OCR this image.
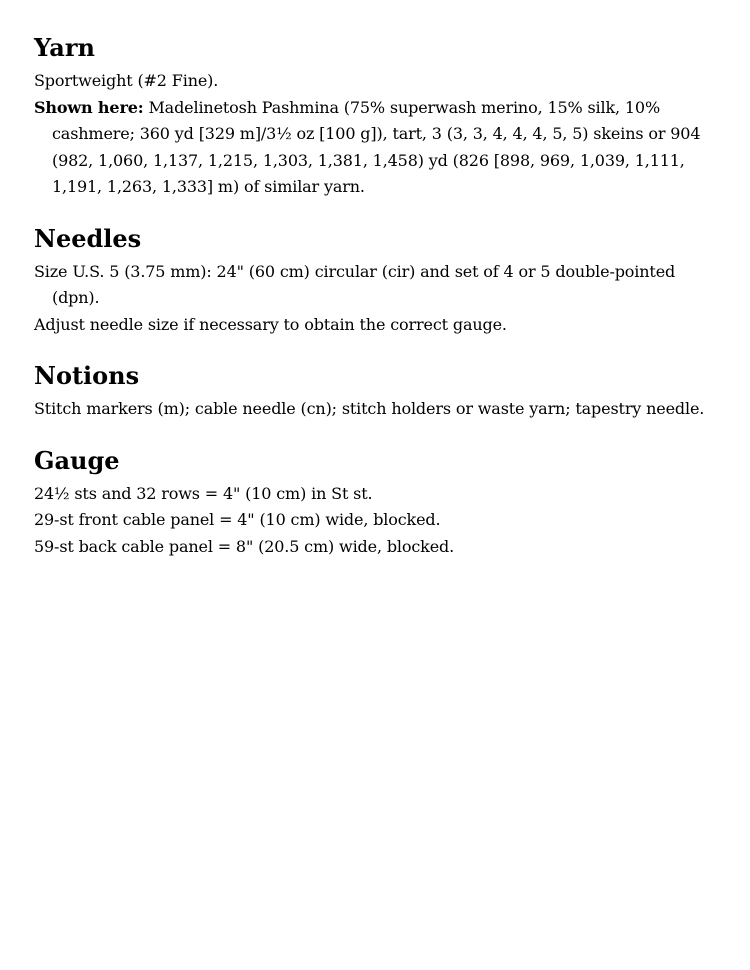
Yarn

Sportweight (#2 Fine).

Shown here: Madelinetosh Pashmina (75% superwash merino, 15% silk, 10% cashmere; 360 yd [329 m]/3½ oz [100 g]), tart, 3 (3, 3, 4, 4, 4, 5, 5) skeins or 904 (982, 1,060, 1,137, 1,215, 1,303, 1,381, 1,458) yd (826 [898, 969, 1,039, 1,111, 1,191, 1,263, 1,333] m) of similar yarn.

Needles

Size U.S. 5 (3.75 mm): 24" (60 cm) circular (cir) and set of 4 or 5 double-pointed (dpn).

Adjust needle size if necessary to obtain the correct gauge.

Notions

Stitch markers (m); cable needle (cn); stitch holders or waste yarn; tapestry needle.

Gauge

24½ sts and 32 rows = 4" (10 cm) in St st.

29-st front cable panel = 4" (10 cm) wide, blocked.

59-st back cable panel = 8" (20.5 cm) wide, blocked.
